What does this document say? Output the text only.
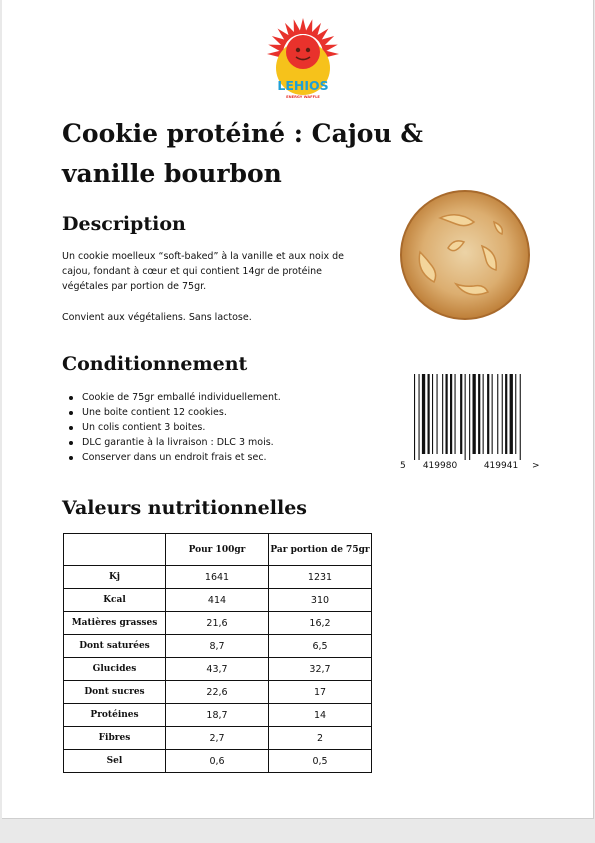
LEHIOS
ENERGY WAFFLE
Cookie protéiné : Cajou & vanille bourbon
Description

Un cookie moelleux “soft-baked” à la vanille et aux noix de cajou, fondant à cœur et qui contient 14gr de protéine végétales par portion de 75gr.

Convient aux végétaliens. Sans lactose.

Conditionnement
Cookie de 75gr emballé individuellement.
Une boite contient 12 cookies.
Un colis contient 3 boites.
DLC garantie à la livraison : DLC 3 mois.
Conserver dans un endroit frais et sec.
5 419980	419941 >
Valeurs nutritionnelles
	Pour 100gr	Par portion de 75gr
Kj	1641	1231
Kcal	414	310
Matières grasses	21,6	16,2
Dont saturées	8,7	6,5
Glucides	43,7	32,7
Dont sucres	22,6	17
Protéines	18,7	14
Fibres	2,7	2
Sel	0,6	0,5
